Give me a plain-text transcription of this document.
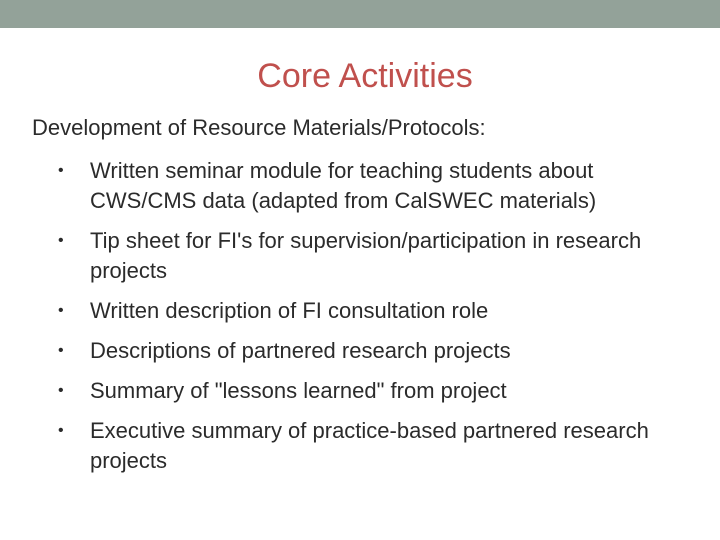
Core Activities

Development of Resource Materials/Protocols:

• Written seminar module for teaching students about CWS/CMS data (adapted from CalSWEC materials)
• Tip sheet for FI's for supervision/participation in research projects
• Written description of FI consultation role
• Descriptions of partnered research projects
• Summary of "lessons learned" from project
• Executive summary of practice-based partnered research projects
